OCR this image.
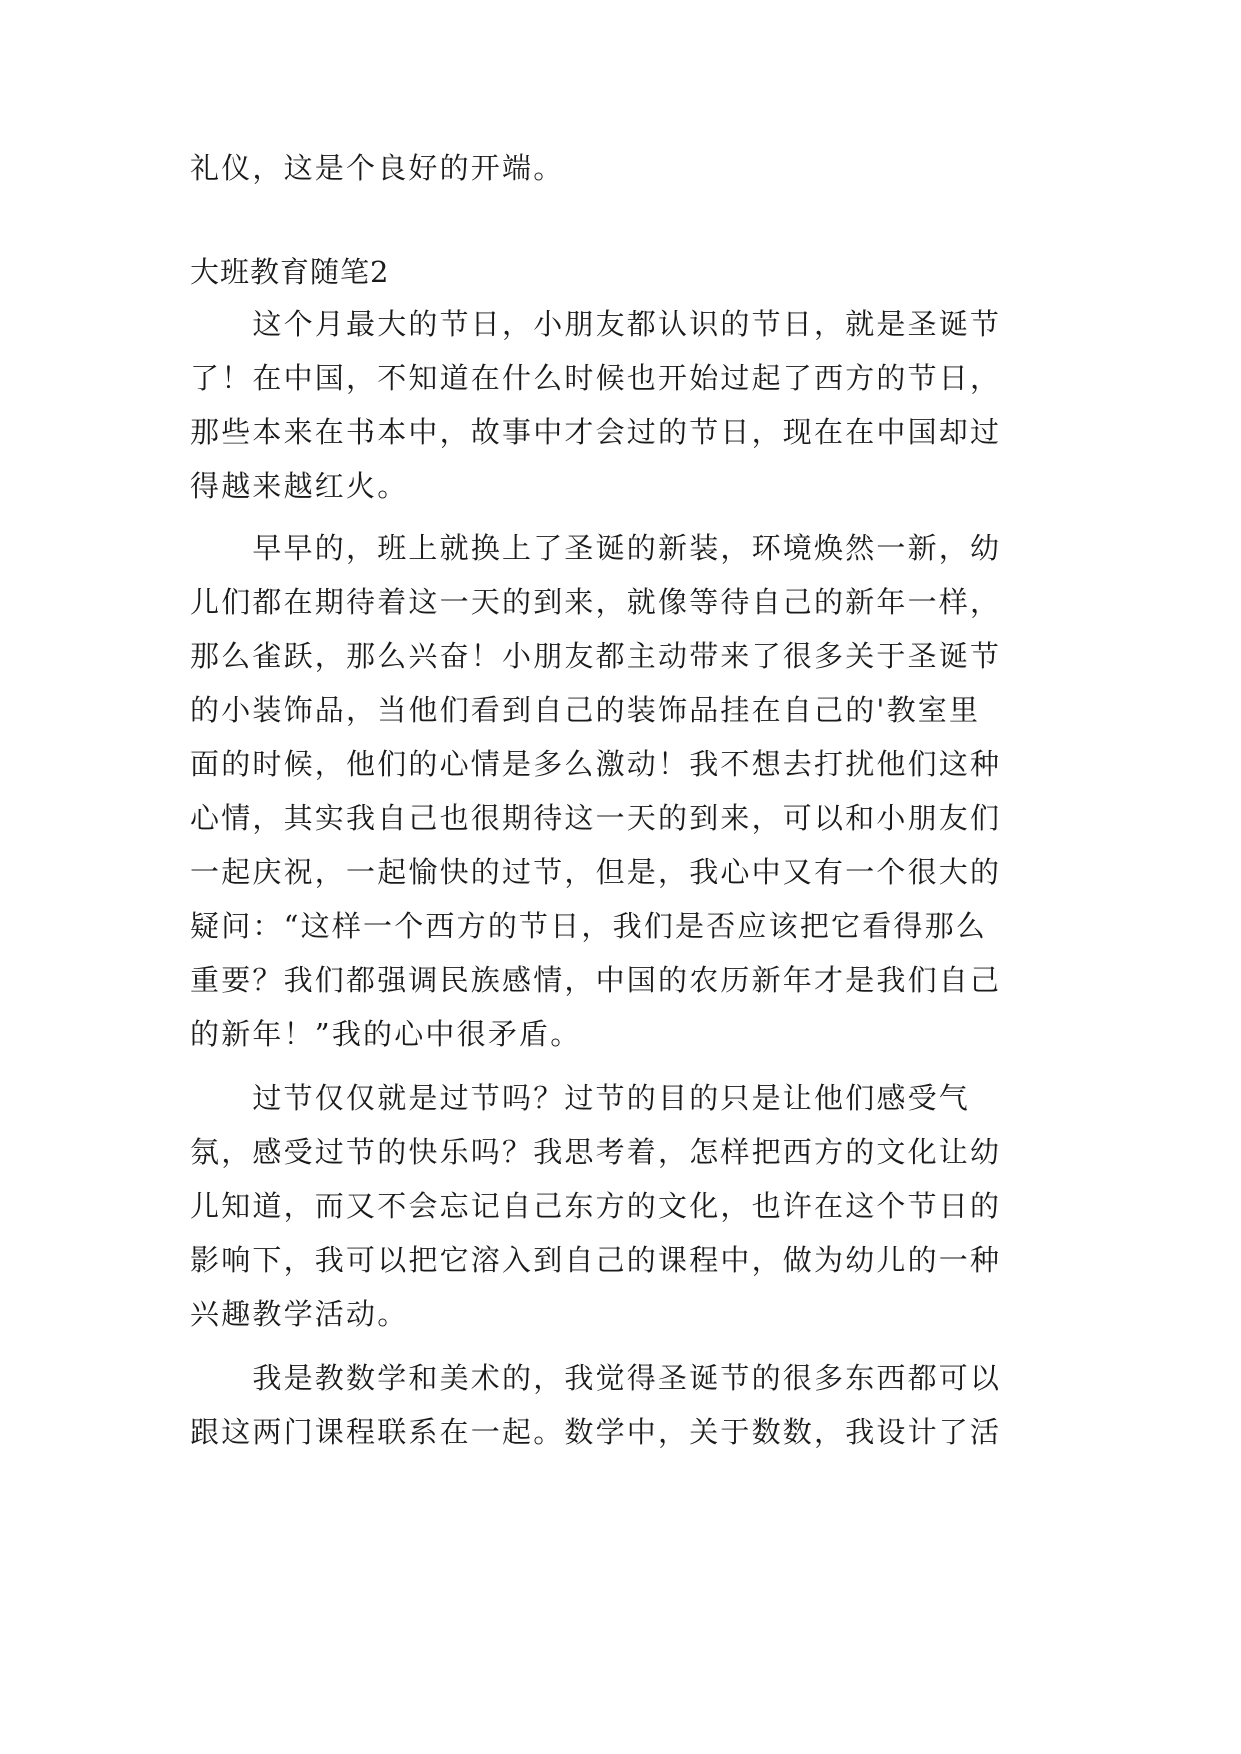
礼仪，这是个良好的开端。
大班教育随笔2
　　这个月最大的节日，小朋友都认识的节日，就是圣诞节
了！在中国，不知道在什么时候也开始过起了西方的节日，
那些本来在书本中，故事中才会过的节日，现在在中国却过
得越来越红火。
　　早早的，班上就换上了圣诞的新装，环境焕然一新，幼
儿们都在期待着这一天的到来，就像等待自己的新年一样，
那么雀跃，那么兴奋！小朋友都主动带来了很多关于圣诞节
的小装饰品，当他们看到自己的装饰品挂在自己的'教室里
面的时候，他们的心情是多么激动！我不想去打扰他们这种
心情，其实我自己也很期待这一天的到来，可以和小朋友们
一起庆祝，一起愉快的过节，但是，我心中又有一个很大的
疑问：“这样一个西方的节日，我们是否应该把它看得那么
重要？我们都强调民族感情，中国的农历新年才是我们自己
的新年！”我的心中很矛盾。
　　过节仅仅就是过节吗？过节的目的只是让他们感受气
氛，感受过节的快乐吗？我思考着，怎样把西方的文化让幼
儿知道，而又不会忘记自己东方的文化，也许在这个节日的
影响下，我可以把它溶入到自己的课程中，做为幼儿的一种
兴趣教学活动。
　　我是教数学和美术的，我觉得圣诞节的很多东西都可以
跟这两门课程联系在一起。数学中，关于数数，我设计了活
